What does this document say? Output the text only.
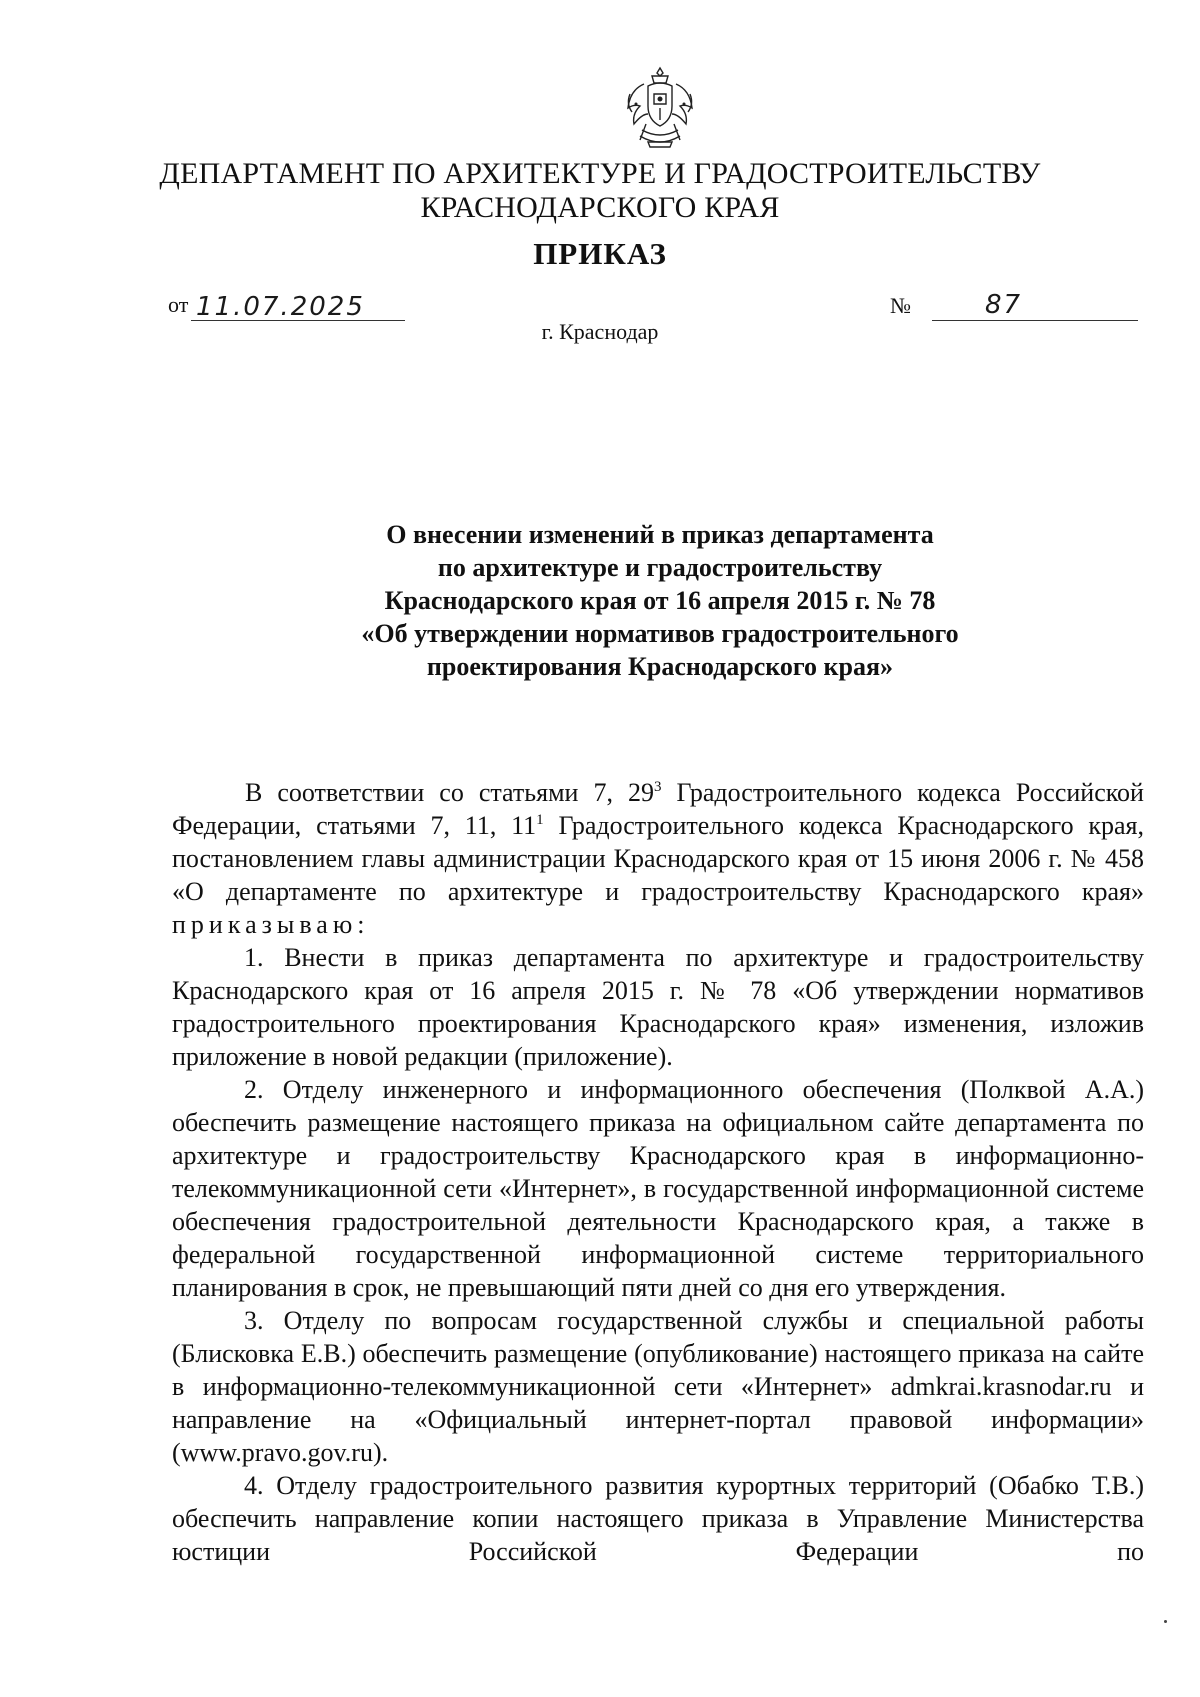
ДЕПАРТАМЕНТ ПО АРХИТЕКТУРЕ И ГРАДОСТРОИТЕЛЬСТВУ
КРАСНОДАРСКОГО КРАЯ
ПРИКАЗ
от 11.07.2025	№	87
г. Краснодар
О внесении изменений в приказ департамента
по архитектуре и градостроительству
Краснодарского края от 16 апреля 2015 г. № 78
«Об утверждении нормативов градостроительного
проектирования Краснодарского края»

В соответствии со статьями 7, $29^3$ Градостроительного кодекса Российской Федерации, статьями 7, 11, $11^1$ Градостроительного кодекса Краснодарского края, постановлением главы администрации Краснодарского края от 15 июня 2006 г. № 458 «О департаменте по архитектуре и градостроительству Краснодарского края» приказываю:

1. Внести в приказ департамента по архитектуре и градостроительству Краснодарского края от 16 апреля 2015 г. № 78 «Об утверждении нормативов градостроительного проектирования Краснодарского края» изменения, изложив приложение в новой редакции (приложение).

2. Отделу инженерного и информационного обеспечения (Полквой А.А.) обеспечить размещение настоящего приказа на официальном сайте департамента по архитектуре и градостроительству Краснодарского края в информационно-телекоммуникационной сети «Интернет», в государственной информационной системе обеспечения градостроительной деятельности Краснодарского края, а также в федеральной государственной информационной системе территориального планирования в срок, не превышающий пяти дней со дня его утверждения.

3. Отделу по вопросам государственной службы и специальной работы (Блисковка Е.В.) обеспечить размещение (опубликование) настоящего приказа на сайте в информационно-телекоммуникационной сети «Интернет» admkrai.krasnodar.ru и направление на «Официальный интернет-портал правовой информации» (www.pravo.gov.ru).

4. Отделу градостроительного развития курортных территорий (Обабко Т.В.) обеспечить направление копии настоящего приказа в Управление Министерства юстиции Российской Федерации по
